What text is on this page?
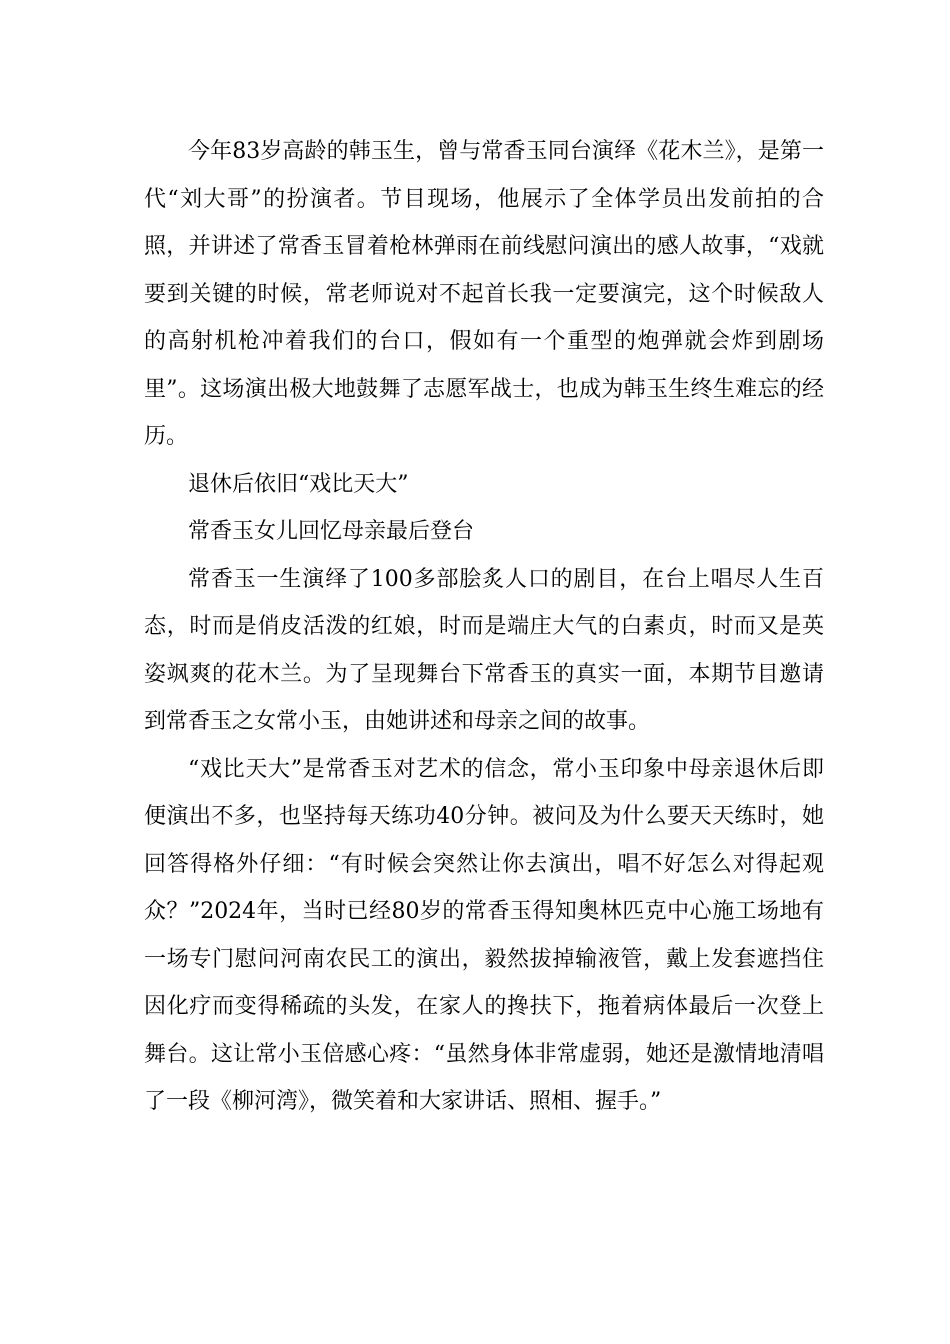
今年83岁高龄的韩玉生，曾与常香玉同台演绎《花木兰》，是第一代“刘大哥”的扮演者。节目现场，他展示了全体学员出发前拍的合照，并讲述了常香玉冒着枪林弹雨在前线慰问演出的感人故事，“戏就要到关键的时候，常老师说对不起首长我一定要演完，这个时候敌人的高射机枪冲着我们的台口，假如有一个重型的炮弹就会炸到剧场里”。这场演出极大地鼓舞了志愿军战士，也成为韩玉生终生难忘的经历。

退休后依旧“戏比天大”

常香玉女儿回忆母亲最后登台

常香玉一生演绎了100多部脍炙人口的剧目，在台上唱尽人生百态，时而是俏皮活泼的红娘，时而是端庄大气的白素贞，时而又是英姿飒爽的花木兰。为了呈现舞台下常香玉的真实一面，本期节目邀请到常香玉之女常小玉，由她讲述和母亲之间的故事。

“戏比天大”是常香玉对艺术的信念，常小玉印象中母亲退休后即便演出不多，也坚持每天练功40分钟。被问及为什么要天天练时，她回答得格外仔细：“有时候会突然让你去演出，唱不好怎么对得起观众？”2024年，当时已经80岁的常香玉得知奥林匹克中心施工场地有一场专门慰问河南农民工的演出，毅然拔掉输液管，戴上发套遮挡住因化疗而变得稀疏的头发，在家人的搀扶下，拖着病体最后一次登上舞台。这让常小玉倍感心疼：“虽然身体非常虚弱，她还是激情地清唱了一段《柳河湾》，微笑着和大家讲话、照相、握手。”
